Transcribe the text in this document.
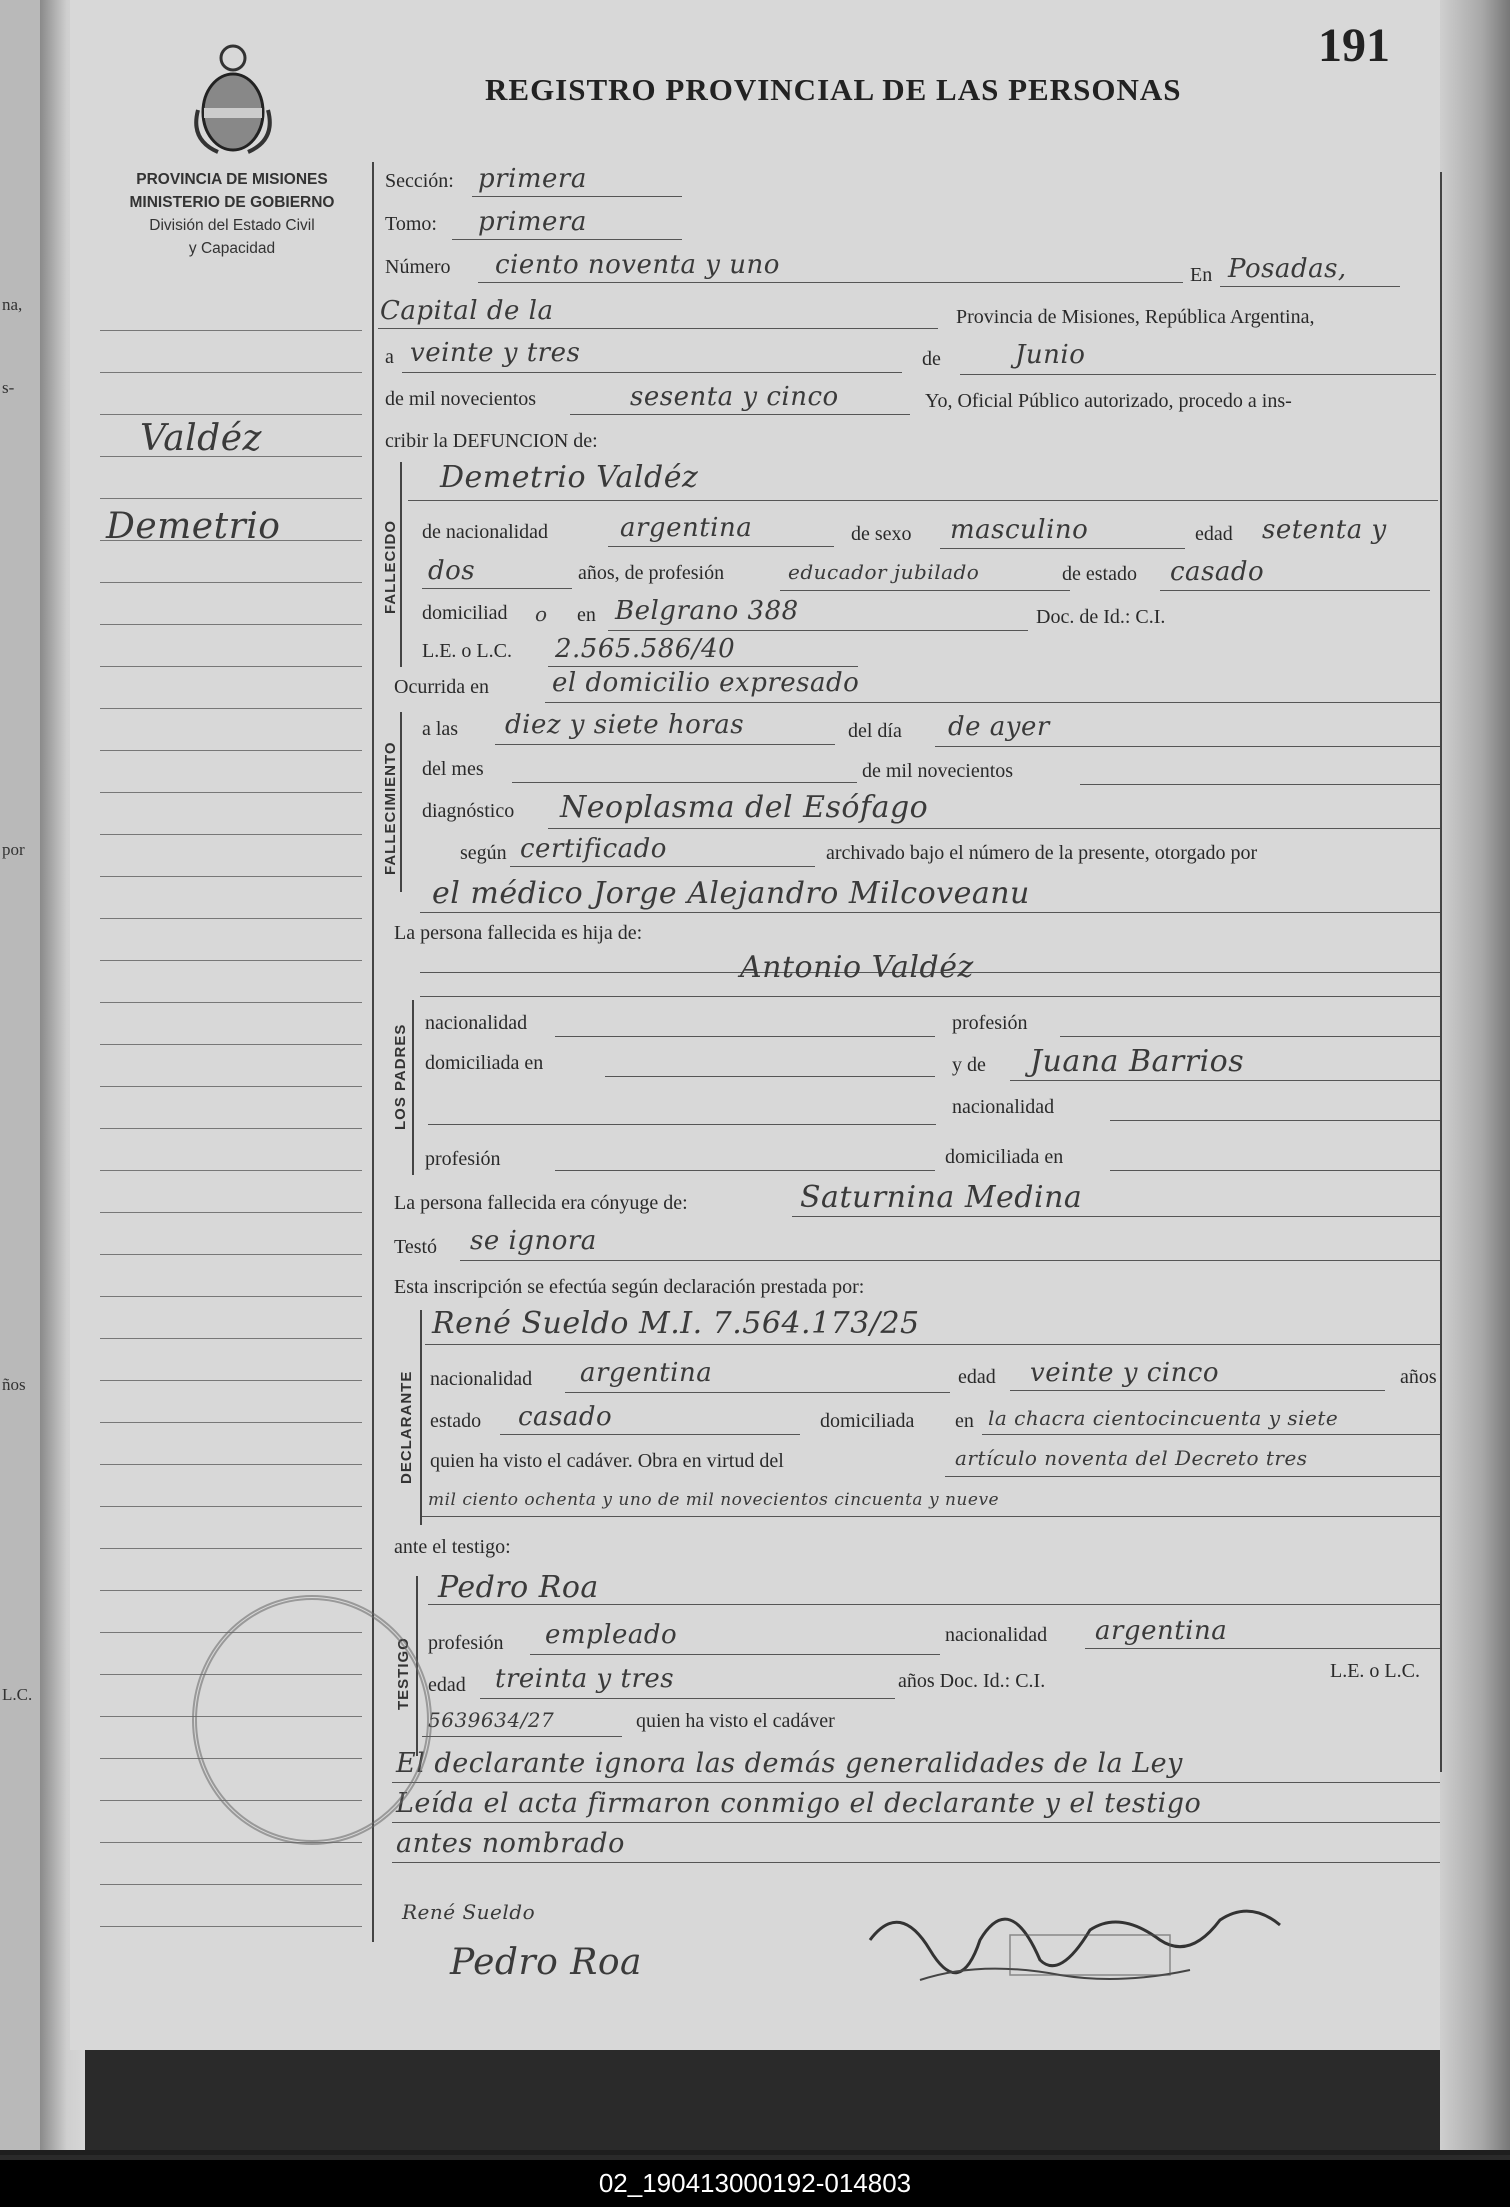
na,
s-
por
ños
L.C.
191
REGISTRO PROVINCIAL DE LAS PERSONAS
PROVINCIA DE MISIONES
MINISTERIO DE GOBIERNO
División del Estado Civil
y Capacidad
Valdéz
Demetrio
Sección: primera
Tomo: primera
Número ciento noventa y uno	En Posadas,
Capital de la	Provincia de Misiones, República Argentina,
a veinte y tres	de	Junio
de mil novecientos	sesenta y cinco	Yo, Oficial Público autorizado, procedo a ins-
cribir la DEFUNCION de:
FALLECIDO
Demetrio Valdéz
de nacionalidad	argentina	de sexo masculino	edad setenta y
dos	años, de profesión	educador jubilado	de estado casado
domiciliad o en Belgrano 388	Doc. de Id.: C.I.
L.E. o L.C. 2.565.586/40
Ocurrida en el domicilio expresado
FALLECIMIENTO
a las diez y siete horas	del día de ayer
del mes	de mil novecientos
diagnóstico Neoplasma del Esófago
según certificado	archivado bajo el número de la presente, otorgado por
el médico Jorge Alejandro Milcoveanu
La persona fallecida es hija de:
Antonio Valdéz
LOS PADRES
nacionalidad	profesión
domiciliada en	y de Juana Barrios
nacionalidad
profesión	domiciliada en
La persona fallecida era cónyuge de:	Saturnina Medina
Testó se ignora
Esta inscripción se efectúa según declaración prestada por:
DECLARANTE
René Sueldo M.I. 7.564.173/25
nacionalidad argentina	edad veinte y cinco	años
estado casado	domiciliada en la chacra cientocincuenta y siete
quien ha visto el cadáver. Obra en virtud del	artículo noventa del Decreto tres
mil ciento ochenta y uno de mil novecientos cincuenta y nueve
ante el testigo:
TESTIGO
Pedro Roa
profesión empleado	nacionalidad argentina
edad treinta y tres	años Doc. Id.: C.I.	L.E. o L.C.
5639634/27	quien ha visto el cadáver
El declarante ignora las demás generalidades de la Ley
Leída el acta firmaron conmigo el declarante y el testigo
antes nombrado
René Sueldo
Pedro Roa
02_190413000192-014803
